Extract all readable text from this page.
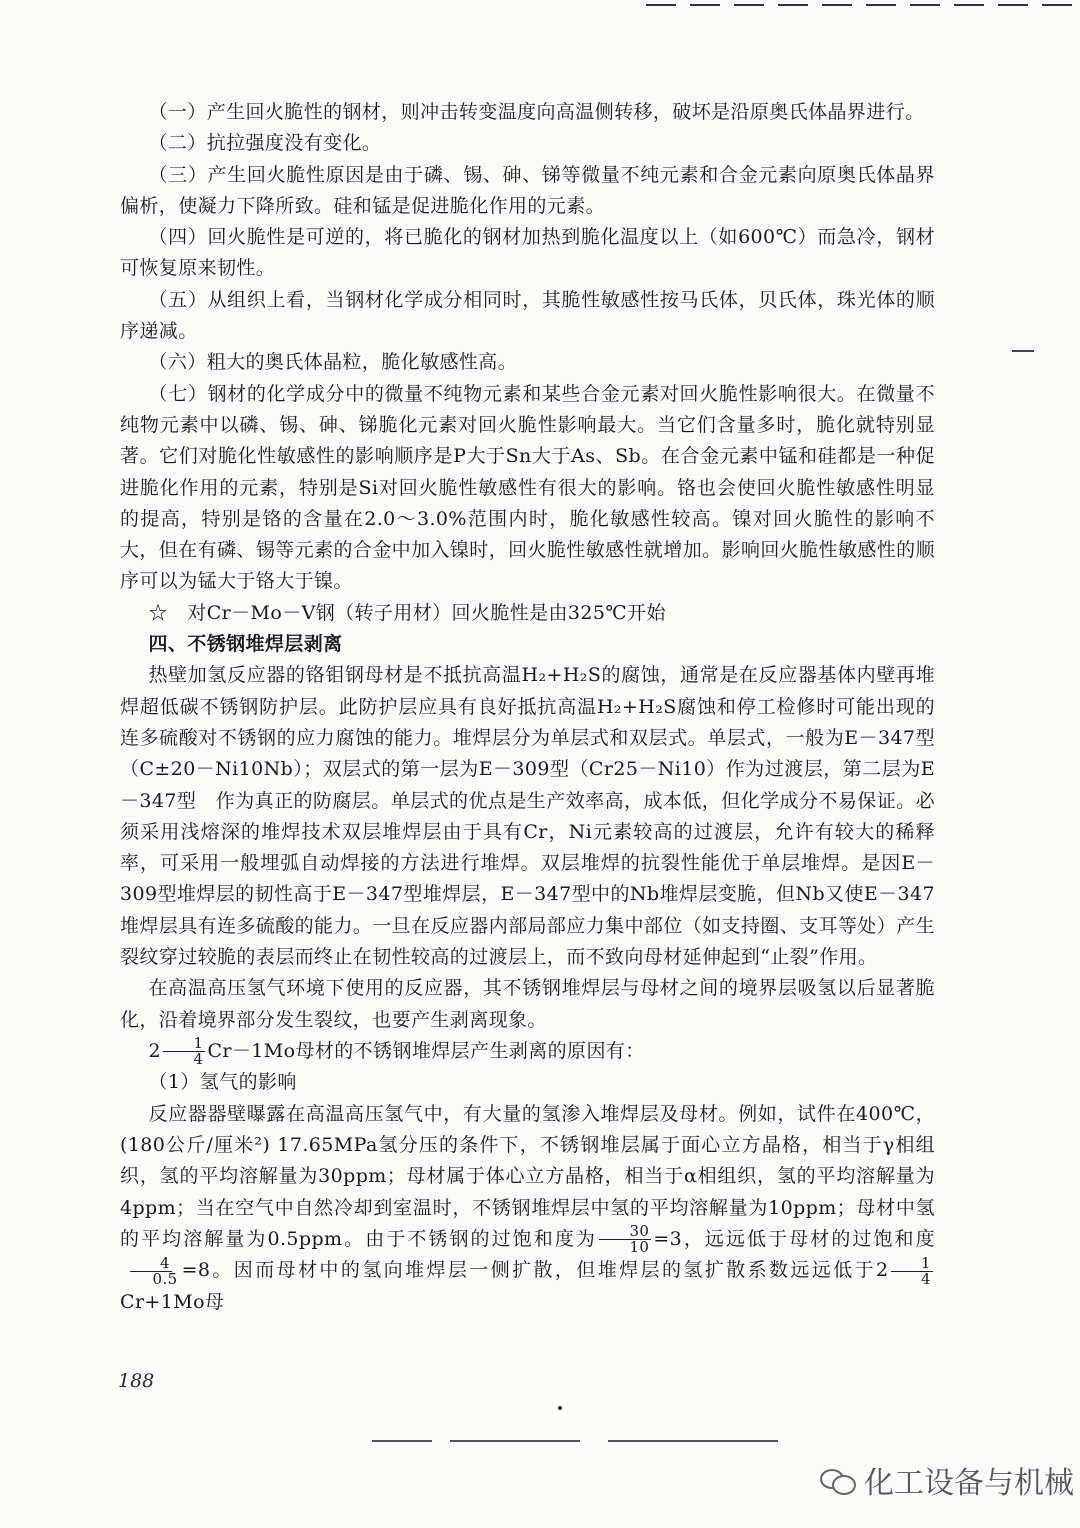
（一）产生回火脆性的钢材，则冲击转变温度向高温侧转移，破坏是沿原奥氏体晶界进行。

（二）抗拉强度没有变化。

（三）产生回火脆性原因是由于磷、锡、砷、锑等微量不纯元素和合金元素向原奥氏体晶界偏析，使凝力下降所致。硅和锰是促进脆化作用的元素。

（四）回火脆性是可逆的，将已脆化的钢材加热到脆化温度以上（如600℃）而急冷，钢材可恢复原来韧性。

（五）从组织上看，当钢材化学成分相同时，其脆性敏感性按马氏体，贝氏体，珠光体的顺序递减。

（六）粗大的奥氏体晶粒，脆化敏感性高。

（七）钢材的化学成分中的微量不纯物元素和某些合金元素对回火脆性影响很大。在微量不纯物元素中以磷、锡、砷、锑脆化元素对回火脆性影响最大。当它们含量多时，脆化就特别显著。它们对脆化性敏感性的影响顺序是P大于Sn大于As、Sb。在合金元素中锰和硅都是一种促进脆化作用的元素，特别是Si对回火脆性敏感性有很大的影响。铬也会使回火脆性敏感性明显的提高，特别是铬的含量在2.0～3.0%范围内时，脆化敏感性较高。镍对回火脆性的影响不大，但在有磷、锡等元素的合金中加入镍时，回火脆性敏感性就增加。影响回火脆性敏感性的顺序可以为锰大于铬大于镍。

☆　对Cr－Mo－V钢（转子用材）回火脆性是由325℃开始

四、不锈钢堆焊层剥离

热壁加氢反应器的铬钼钢母材是不抵抗高温H₂+H₂S的腐蚀，通常是在反应器基体内壁再堆焊超低碳不锈钢防护层。此防护层应具有良好抵抗高温H₂+H₂S腐蚀和停工检修时可能出现的连多硫酸对不锈钢的应力腐蚀的能力。堆焊层分为单层式和双层式。单层式，一般为E－347型（C±20－Ni10Nb）；双层式的第一层为E－309型（Cr25－Ni10）作为过渡层，第二层为E－347型　作为真正的防腐层。单层式的优点是生产效率高，成本低，但化学成分不易保证。必须采用浅熔深的堆焊技术双层堆焊层由于具有Cr，Ni元素较高的过渡层，允许有较大的稀释率，可采用一般埋弧自动焊接的方法进行堆焊。双层堆焊的抗裂性能优于单层堆焊。是因E－309型堆焊层的韧性高于E－347型堆焊层，E－347型中的Nb堆焊层变脆，但Nb又使E－347堆焊层具有连多硫酸的能力。一旦在反应器内部局部应力集中部位（如支持圈、支耳等处）产生裂纹穿过较脆的表层而终止在韧性较高的过渡层上，而不致向母材延伸起到“止裂”作用。

在高温高压氢气环境下使用的反应器，其不锈钢堆焊层与母材之间的境界层吸氢以后显著脆化，沿着境界部分发生裂纹，也要产生剥离现象。

$2 \frac{1}{4} Cr-1Mo$母材的不锈钢堆焊层产生剥离的原因有：

（1）氢气的影响

反应器器壁曝露在高温高压氢气中，有大量的氢渗入堆焊层及母材。例如，试件在400℃，(180公斤/厘米²) 17.65MPa氢分压的条件下，不锈钢堆层属于面心立方晶格，相当于γ相组织，氢的平均溶解量为30ppm；母材属于体心立方晶格，相当于α相组织，氢的平均溶解量为4ppm；当在空气中自然冷却到室温时，不锈钢堆焊层中氢的平均溶解量为10ppm；母材中氢的平均溶解量为0.5ppm。由于不锈钢的过饱和度为 $\frac{30}{10} =3$，远远低于母材的过饱和度
$\frac{4}{0.5} =8$。因而母材中的氢向堆焊层一侧扩散，但堆焊层的氢扩散系数远远低于$2 \frac{1}{4}$
Cr+1Mo母

188
化工设备与机械
